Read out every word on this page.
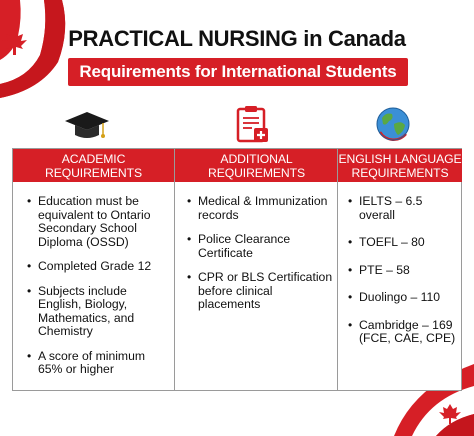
PRACTICAL NURSING in Canada
Requirements for International Students
ACADEMIC REQUIREMENTS
• Education must be equivalent to Ontario Secondary School Diploma (OSSD)
• Completed Grade 12
• Subjects include English, Biology, Mathematics, and Chemistry
• A score of minimum 65% or higher
ADDITIONAL REQUIREMENTS
• Medical & Immunization records
• Police Clearance Certificate
• CPR or BLS Certification before clinical placements
ENGLISH LANGUAGE REQUIREMENTS
• IELTS – 6.5 overall
• TOEFL – 80
• PTE – 58
• Duolingo – 110
• Cambridge – 169 (FCE, CAE, CPE)
